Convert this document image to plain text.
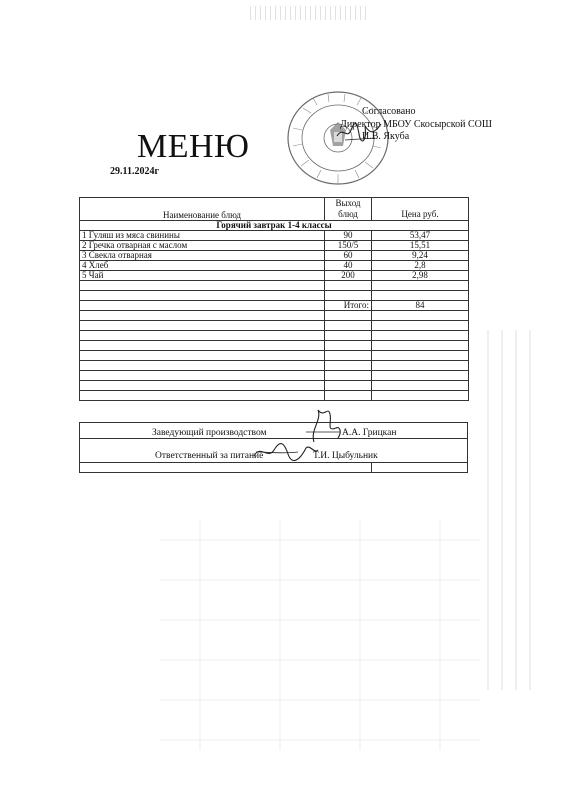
Согласовано
Директор МБОУ Скосырской СОШ
И.В. Якуба
МЕНЮ
29.11.2024г
Наименование блюд	Выход блюд	Цена руб.
Горячий завтрак 1-4 классы		
1 Гуляш из мяса свинины	90	53,47
2 Гречка отварная с маслом	150/5	15,51
3 Свекла отварная	60	9,24
4 Хлеб	40	2,8
5 Чай	200	2,98

	Итого:	84

Заведующий производством	А.А. Грицкан
Ответственный за питание	Т.И. Цыбульник
